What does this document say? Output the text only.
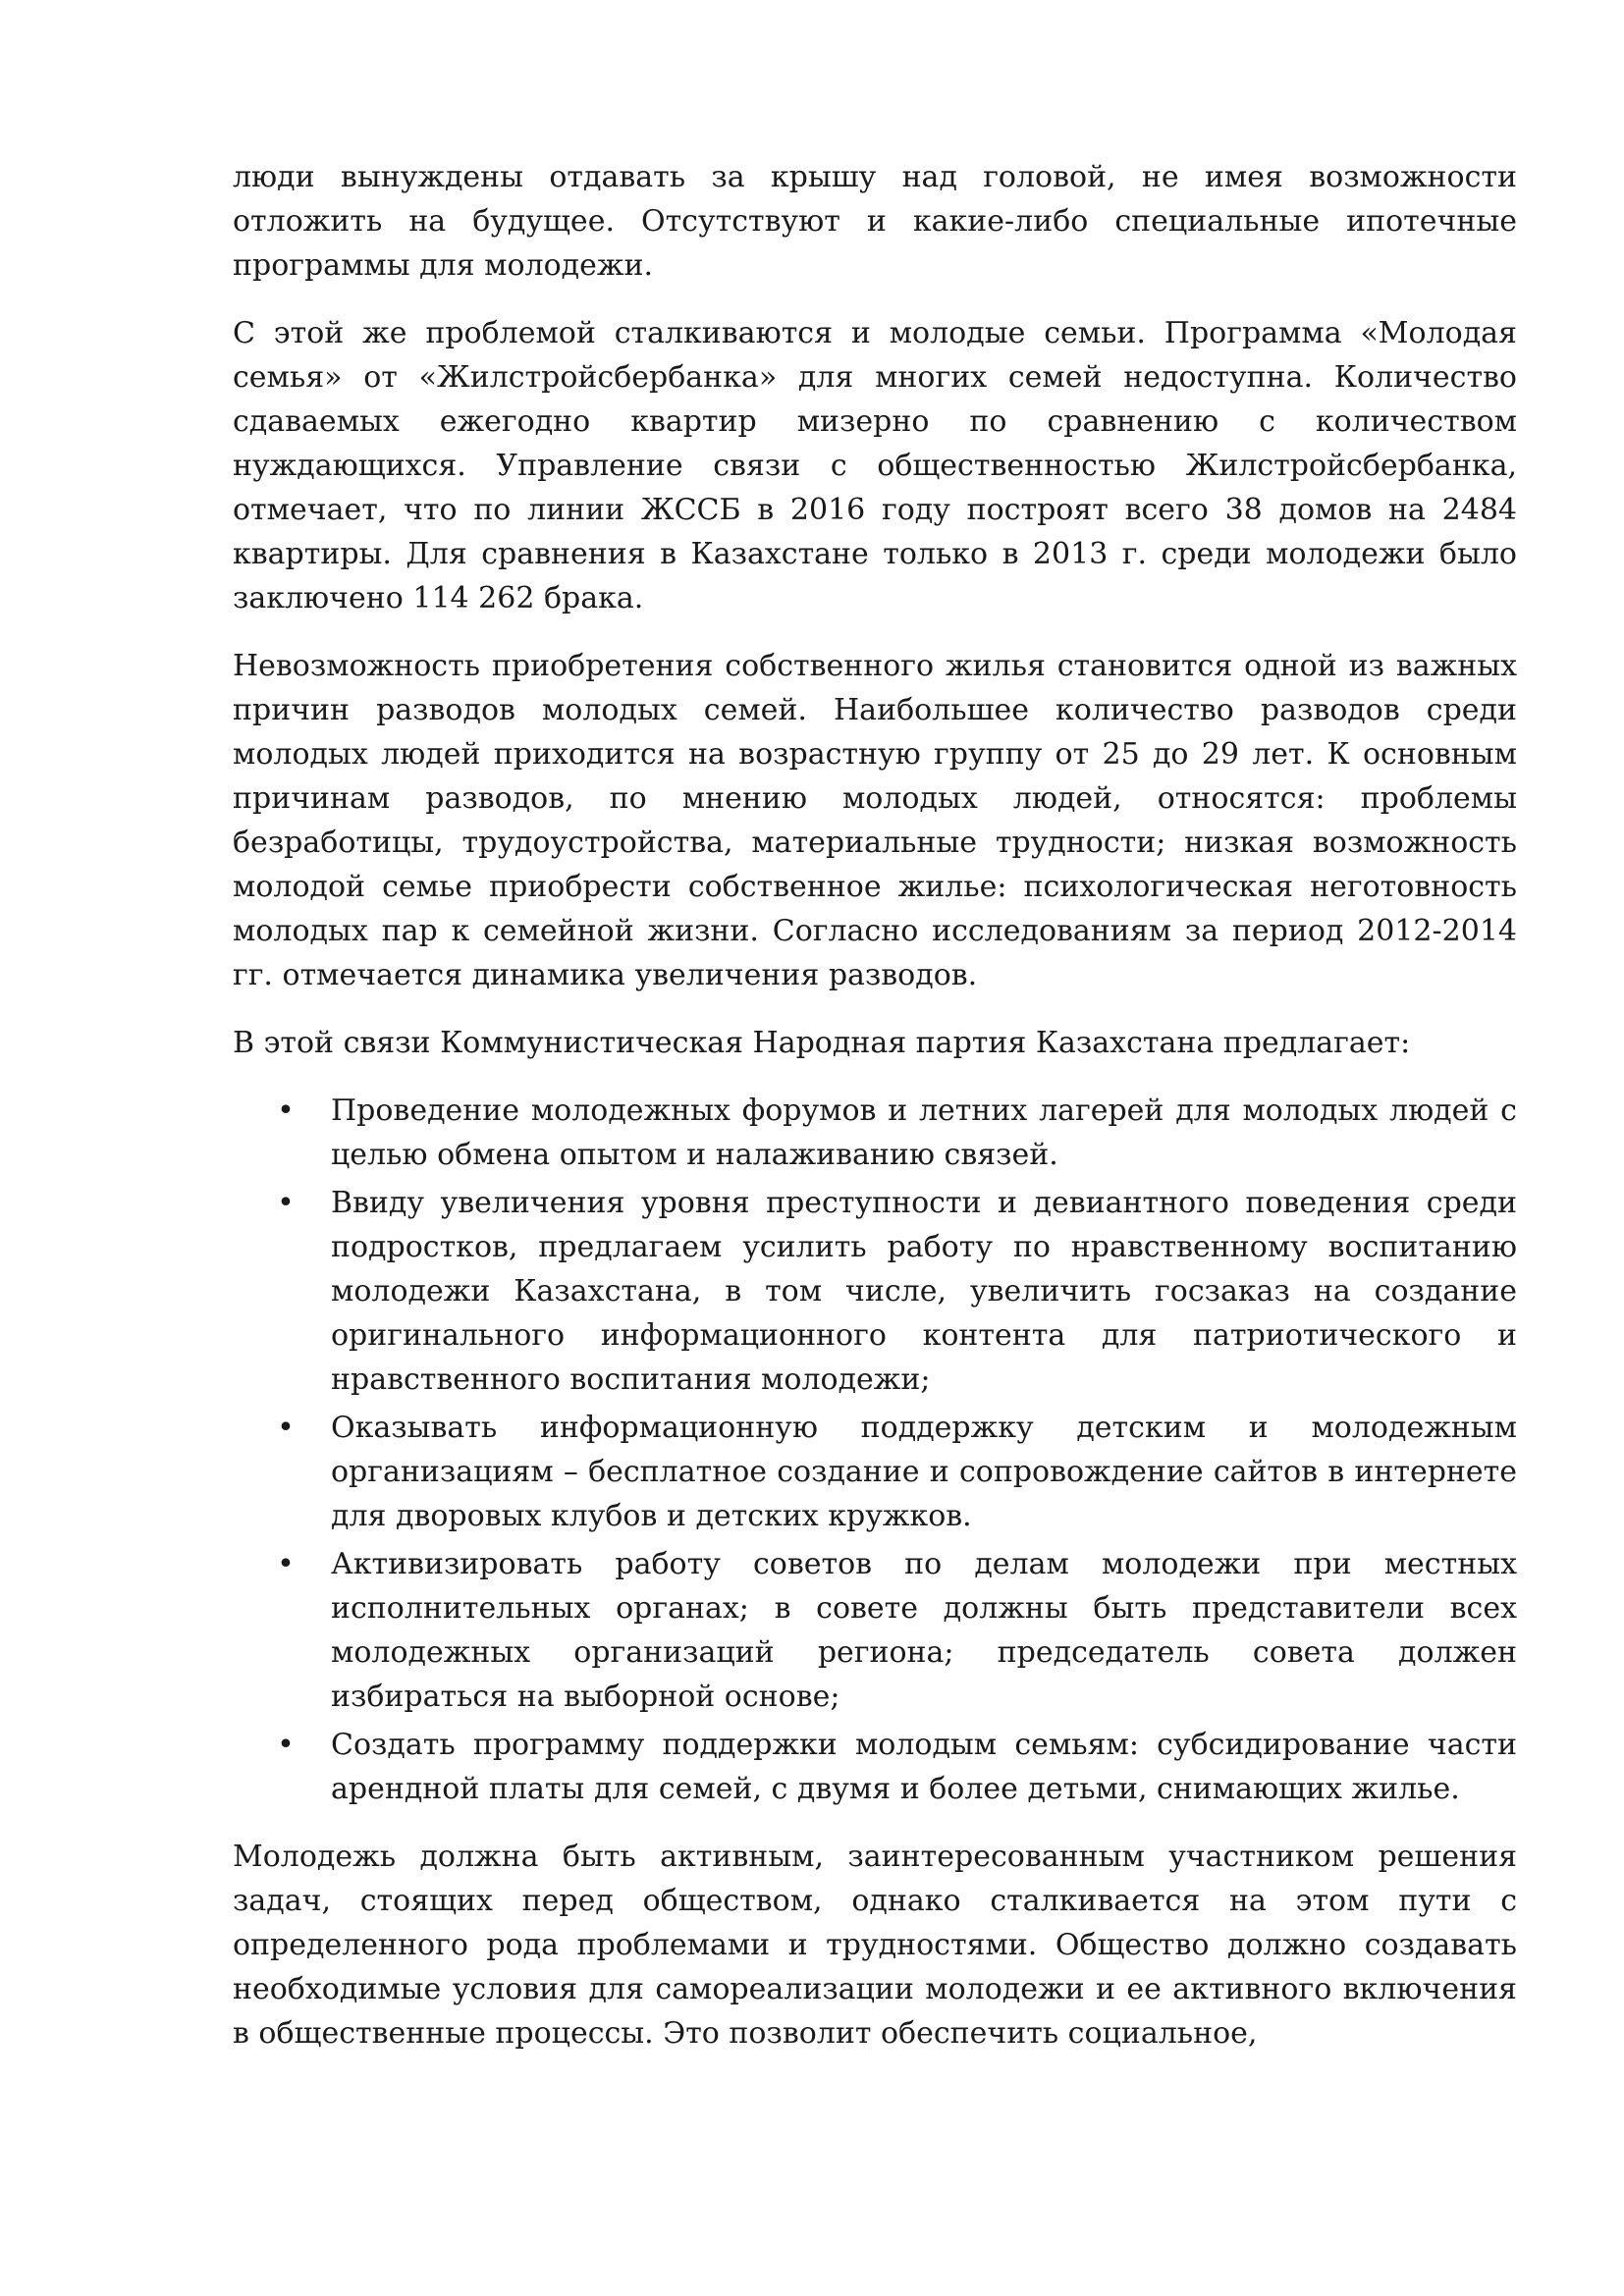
люди вынуждены отдавать за крышу над головой, не имея возможности отложить на будущее. Отсутствуют и какие-либо специальные ипотечные программы для молодежи.

С этой же проблемой сталкиваются и молодые семьи. Программа «Молодая семья» от «Жилстройсбербанка» для многих семей недоступна. Количество сдаваемых ежегодно квартир мизерно по сравнению с количеством нуждающихся. Управление связи с общественностью Жилстройсбербанка, отмечает, что по линии ЖССБ в 2016 году построят всего 38 домов на 2484 квартиры. Для сравнения в Казахстане только в 2013 г. среди молодежи было заключено 114 262 брака.

Невозможность приобретения собственного жилья становится одной из важных причин разводов молодых семей. Наибольшее количество разводов среди молодых людей приходится на возрастную группу от 25 до 29 лет. К основным причинам разводов, по мнению молодых людей, относятся: проблемы безработицы, трудоустройства, материальные трудности; низкая возможность молодой семье приобрести собственное жилье: психологическая неготовность молодых пар к семейной жизни. Согласно исследованиям за период 2012-2014 гг. отмечается динамика увеличения разводов.

В этой связи Коммунистическая Народная партия Казахстана предлагает:

• Проведение молодежных форумов и летних лагерей для молодых людей с целью обмена опытом и налаживанию связей.
• Ввиду увеличения уровня преступности и девиантного поведения среди подростков, предлагаем усилить работу по нравственному воспитанию молодежи Казахстана, в том числе, увеличить госзаказ на создание оригинального информационного контента для патриотического и нравственного воспитания молодежи;
• Оказывать информационную поддержку детским и молодежным организациям – бесплатное создание и сопровождение сайтов в интернете для дворовых клубов и детских кружков.
• Активизировать работу советов по делам молодежи при местных исполнительных органах; в совете должны быть представители всех молодежных организаций региона; председатель совета должен избираться на выборной основе;
• Создать программу поддержки молодым семьям: субсидирование части арендной платы для семей, с двумя и более детьми, снимающих жилье.

Молодежь должна быть активным, заинтересованным участником решения задач, стоящих перед обществом, однако сталкивается на этом пути с определенного рода проблемами и трудностями. Общество должно создавать необходимые условия для самореализации молодежи и ее активного включения в общественные процессы. Это позволит обеспечить социальное,
